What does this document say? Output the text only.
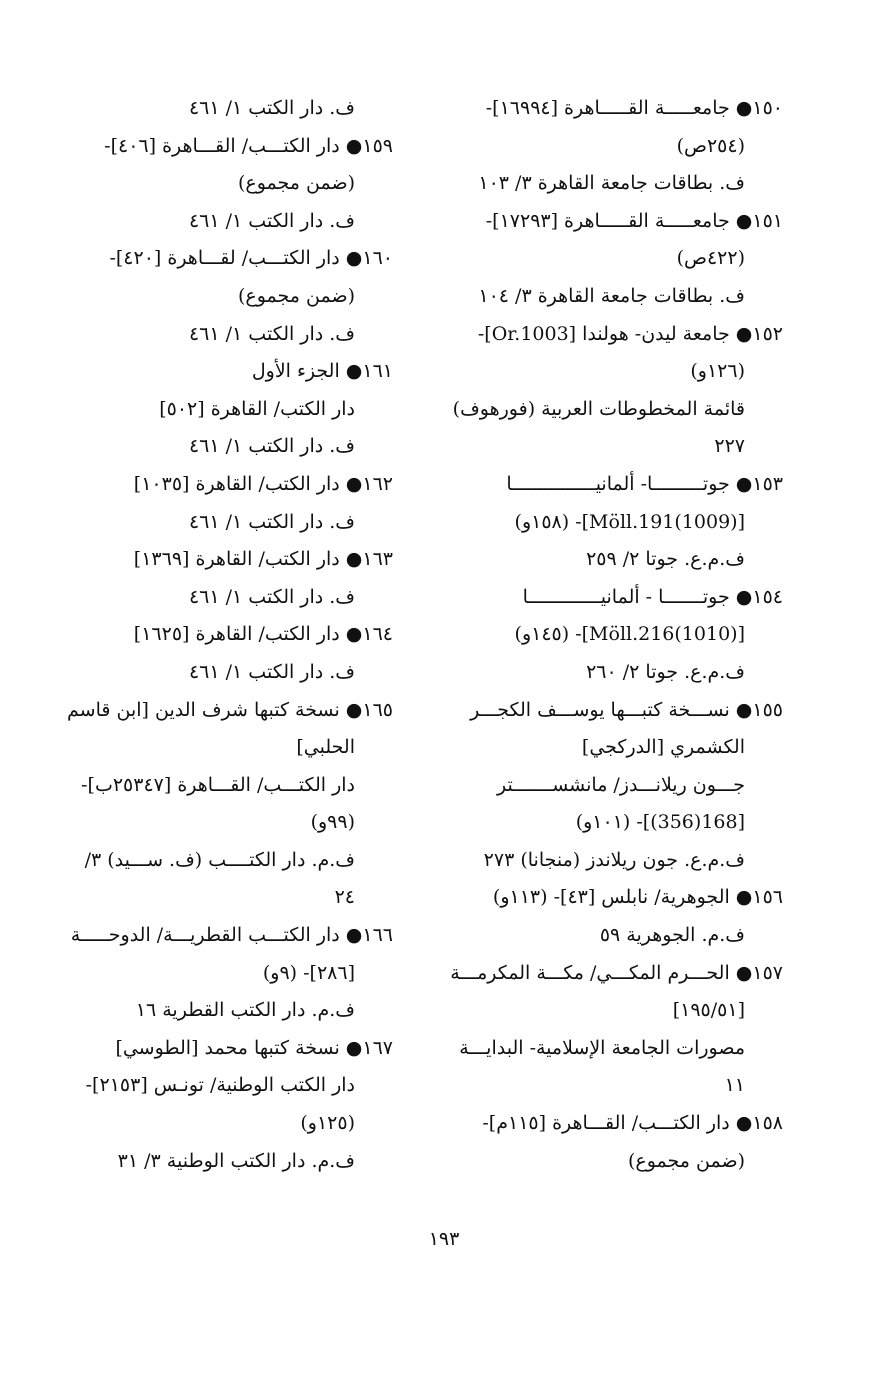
١٥٠● جامعـــــة القـــــاهرة [١٦٩٩٤]-
(٢٥٤ص)
ف. بطاقات جامعة القاهرة ٣/ ١٠٣
١٥١● جامعـــــة القـــــاهرة [١٧٢٩٣]-
(٤٢٢ص)
ف. بطاقات جامعة القاهرة ٣/ ١٠٤
١٥٢● جامعة ليدن- هولندا [Or.1003]-
(١٢٦و)
قائمة المخطوطات العربية (فورهوف)
٢٢٧
١٥٣● جوتـــــــــا- ألمانيـــــــــــــــا
[Möll.191(1009)]- (١٥٨و)
ف.م.ع. جوتا ٢/ ٢٥٩
١٥٤● جوتـــــــا - ألمانيـــــــــــــا
[Möll.216(1010)]- (١٤٥و)
ف.م.ع. جوتا ٢/ ٢٦٠
١٥٥● نســـخة كتبـــها يوســـف الكجـــر
الكشمري [الدركجي]
جـــون ريلانـــدز/ مانشســـــــتر
[168(356)]- (١٠١و)
ف.م.ع. جون ريلاندز (منجانا) ٢٧٣
١٥٦● الجوهرية/ نابلس [٤٣]- (١١٣و)
ف.م. الجوهرية ٥٩
١٥٧● الحـــرم المكـــي/ مكـــة المكرمـــة
[١٩٥/٥١]
مصورات الجامعة الإسلامية- البدايـــة
١١
١٥٨● دار الكتـــب/ القـــاهرة [١١٥م]-
(ضمن مجموع)
ف. دار الكتب ١/ ٤٦١
١٥٩● دار الكتـــب/ القـــاهرة [٤٠٦]-
(ضمن مجموع)
ف. دار الكتب ١/ ٤٦١
١٦٠● دار الكتـــب/ لقـــاهرة [٤٢٠]-
(ضمن مجموع)
ف. دار الكتب ١/ ٤٦١
١٦١● الجزء الأول
دار الكتب/ القاهرة [٥٠٢]
ف. دار الكتب ١/ ٤٦١
١٦٢● دار الكتب/ القاهرة [١٠٣٥]
ف. دار الكتب ١/ ٤٦١
١٦٣● دار الكتب/ القاهرة [١٣٦٩]
ف. دار الكتب ١/ ٤٦١
١٦٤● دار الكتب/ القاهرة [١٦٢٥]
ف. دار الكتب ١/ ٤٦١
١٦٥● نسخة كتبها شرف الدين [ابن قاسم
الحلبي]
دار الكتـــب/ القـــاهرة [٢٥٣٤٧ب]-
(٩٩و)
ف.م. دار الكتــــب (ف. ســـيد) ٣/
٢٤
١٦٦● دار الكتـــب القطريـــة/ الدوحـــــة
[٢٨٦]- (٩و)
ف.م. دار الكتب القطرية ١٦
١٦٧● نسخة كتبها محمد [الطوسي]
دار الكتب الوطنية/ تونـس [٢١٥٣]-
(١٢٥و)
ف.م. دار الكتب الوطنية ٣/ ٣١
١٩٣
